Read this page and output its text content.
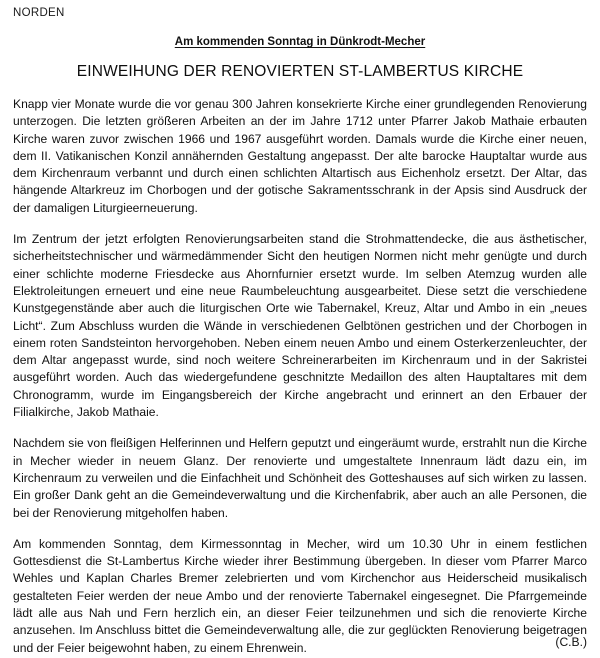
NORDEN
Am kommenden Sonntag in Dünkrodt-Mecher
EINWEIHUNG DER RENOVIERTEN ST-LAMBERTUS KIRCHE

Knapp vier Monate wurde die vor genau 300 Jahren konsekrierte Kirche einer grundlegenden Renovierung unterzogen. Die letzten größeren Arbeiten an der im Jahre 1712 unter Pfarrer Jakob Mathaie erbauten Kirche waren zuvor zwischen 1966 und 1967 ausgeführt worden. Damals wurde die Kirche einer neuen, dem II. Vatikanischen Konzil annähernden Gestaltung angepasst. Der alte barocke Hauptaltar wurde aus dem Kirchenraum verbannt und durch einen schlichten Altartisch aus Eichenholz ersetzt. Der Altar, das hängende Altarkreuz im Chorbogen und der gotische Sakramentsschrank in der Apsis sind Ausdruck der der damaligen Liturgieerneuerung.

Im Zentrum der jetzt erfolgten Renovierungsarbeiten stand die Strohmattendecke, die aus ästhetischer, sicherheitstechnischer und wärmedämmender Sicht den heutigen Normen nicht mehr genügte und durch einer schlichte moderne Friesdecke aus Ahornfurnier ersetzt wurde. Im selben Atemzug wurden alle Elektroleitungen erneuert und eine neue Raumbeleuchtung ausgearbeitet. Diese setzt die verschiedene Kunstgegenstände aber auch die liturgischen Orte wie Tabernakel, Kreuz, Altar und Ambo in ein „neues Licht“. Zum Abschluss wurden die Wände in verschiedenen Gelbtönen gestrichen und der Chorbogen in einem roten Sandsteinton hervorgehoben. Neben einem neuen Ambo und einem Osterkerzenleuchter, der dem Altar angepasst wurde, sind noch weitere Schreinerarbeiten im Kirchenraum und in der Sakristei ausgeführt worden. Auch das wiedergefundene geschnitzte Medaillon des alten Hauptaltares mit dem Chronogramm, wurde im Eingangsbereich der Kirche angebracht und erinnert an den Erbauer der Filialkirche, Jakob Mathaie.

Nachdem sie von fleißigen Helferinnen und Helfern geputzt und eingeräumt wurde, erstrahlt nun die Kirche in Mecher wieder in neuem Glanz. Der renovierte und umgestaltete Innenraum lädt dazu ein, im Kirchenraum zu verweilen und die Einfachheit und Schönheit des Gotteshauses auf sich wirken zu lassen. Ein großer Dank geht an die Gemeindeverwaltung und die Kirchenfabrik, aber auch an alle Personen, die bei der Renovierung mitgeholfen haben.

Am kommenden Sonntag, dem Kirmessonntag in Mecher, wird um 10.30 Uhr in einem festlichen Gottesdienst die St-Lambertus Kirche wieder ihrer Bestimmung übergeben. In dieser vom Pfarrer Marco Wehles und Kaplan Charles Bremer zelebrierten und vom Kirchenchor aus Heiderscheid musikalisch gestalteten Feier werden der neue Ambo und der renovierte Tabernakel eingesegnet. Die Pfarrgemeinde lädt alle aus Nah und Fern herzlich ein, an dieser Feier teilzunehmen und sich die renovierte Kirche anzusehen. Im Anschluss bittet die Gemeindeverwaltung alle, die zur geglückten Renovierung beigetragen und der Feier beigewohnt haben, zu einem Ehrenwein.	(C.B.)
